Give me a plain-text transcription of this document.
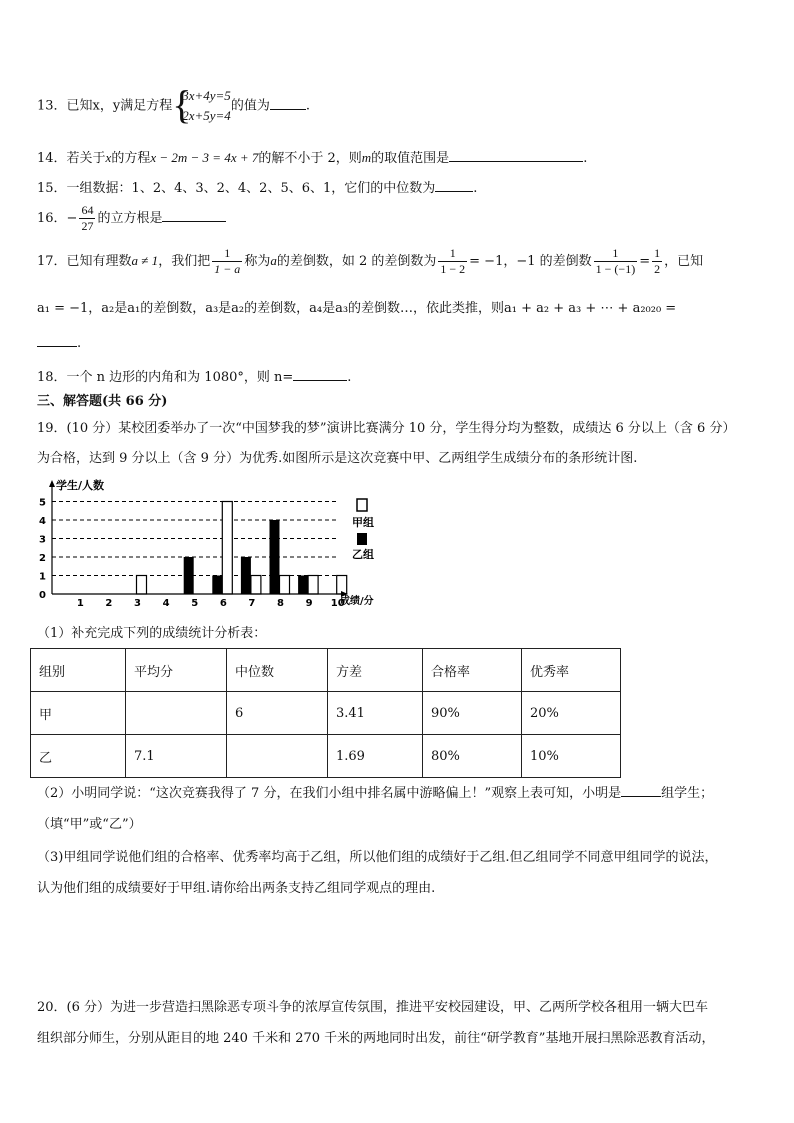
13．已知x，y满足方程 {
3x+4y=5
2x+5y=4
的值为	.
14．若关于x的方程x − 2m − 3 = 4x + 7的解不小于 2，则m的取值范围是	.
15．一组数据：1、2、4、3、2、4、2、5、6、1，它们的中位数为	.
16．− $\frac{64}{27}$ 的立方根是
17．已知有理数a ≠ 1，我们把 $\frac{1}{1 - a}$ 称为a的差倒数，如 2 的差倒数为 $\frac{1}{1 - 2} = -1$，−1 的差倒数 $\frac{1}{1 - (-1)} = \frac{1}{2}$ ，已知
a₁ = −1，a₂是a₁的差倒数，a₃是a₂的差倒数，a₄是a₃的差倒数…，依此类推，则a₁ + a₂ + a₃ + ⋯ + a₂₀₂₀ =
.
18．一个 n 边形的内角和为 1080°，则 n=	.
三、解答题(共 66 分)
19．(10 分）某校团委举办了一次“中国梦我的梦”演讲比赛满分 10 分，学生得分均为整数，成绩达 6 分以上（含 6 分）
为合格，达到 9 分以上（含 9 分）为优秀.如图所示是这次竞赛中甲、乙两组学生成绩分布的条形统计图.
0
1
2
3
4
5
1 2 3 4 5 6 7 8 9 10
学生/人数
成绩/分
甲组
乙组
（1）补充完成下列的成绩统计分析表：
组别	平均分	中位数	方差	合格率	优秀率
甲		6	3.41	90%	20%
乙	7.1		1.69	80%	10%
（2）小明同学说：“这次竞赛我得了 7 分，在我们小组中排名属中游略偏上！”观察上表可知，小明是	组学生；
（填“甲”或“乙”）
（3)甲组同学说他们组的合格率、优秀率均高于乙组，所以他们组的成绩好于乙组.但乙组同学不同意甲组同学的说法，
认为他们组的成绩要好于甲组.请你给出两条支持乙组同学观点的理由.
20．(6 分）为进一步营造扫黑除恶专项斗争的浓厚宣传氛围，推进平安校园建设，甲、乙两所学校各租用一辆大巴车
组织部分师生，分别从距目的地 240 千米和 270 千米的两地同时出发，前往“研学教育”基地开展扫黑除恶教育活动，
